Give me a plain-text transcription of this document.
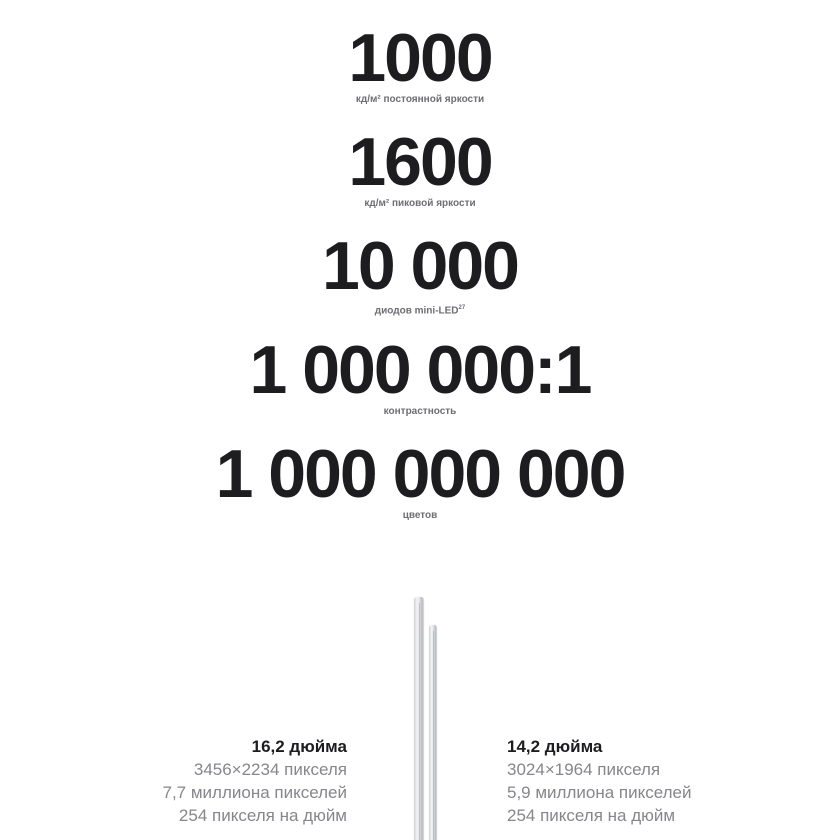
1000
кд/м² постоянной яркости
1600
кд/м² пиковой яркости
10 000
диодов mini-LED$^{27}$
1 000 000:1
контрастность
1 000 000 000
цветов
16,2 дюйма
3456×2234 пикселя
7,7 миллиона пикселей
254 пикселя на дюйм
14,2 дюйма
3024×1964 пикселя
5,9 миллиона пикселей
254 пикселя на дюйм
